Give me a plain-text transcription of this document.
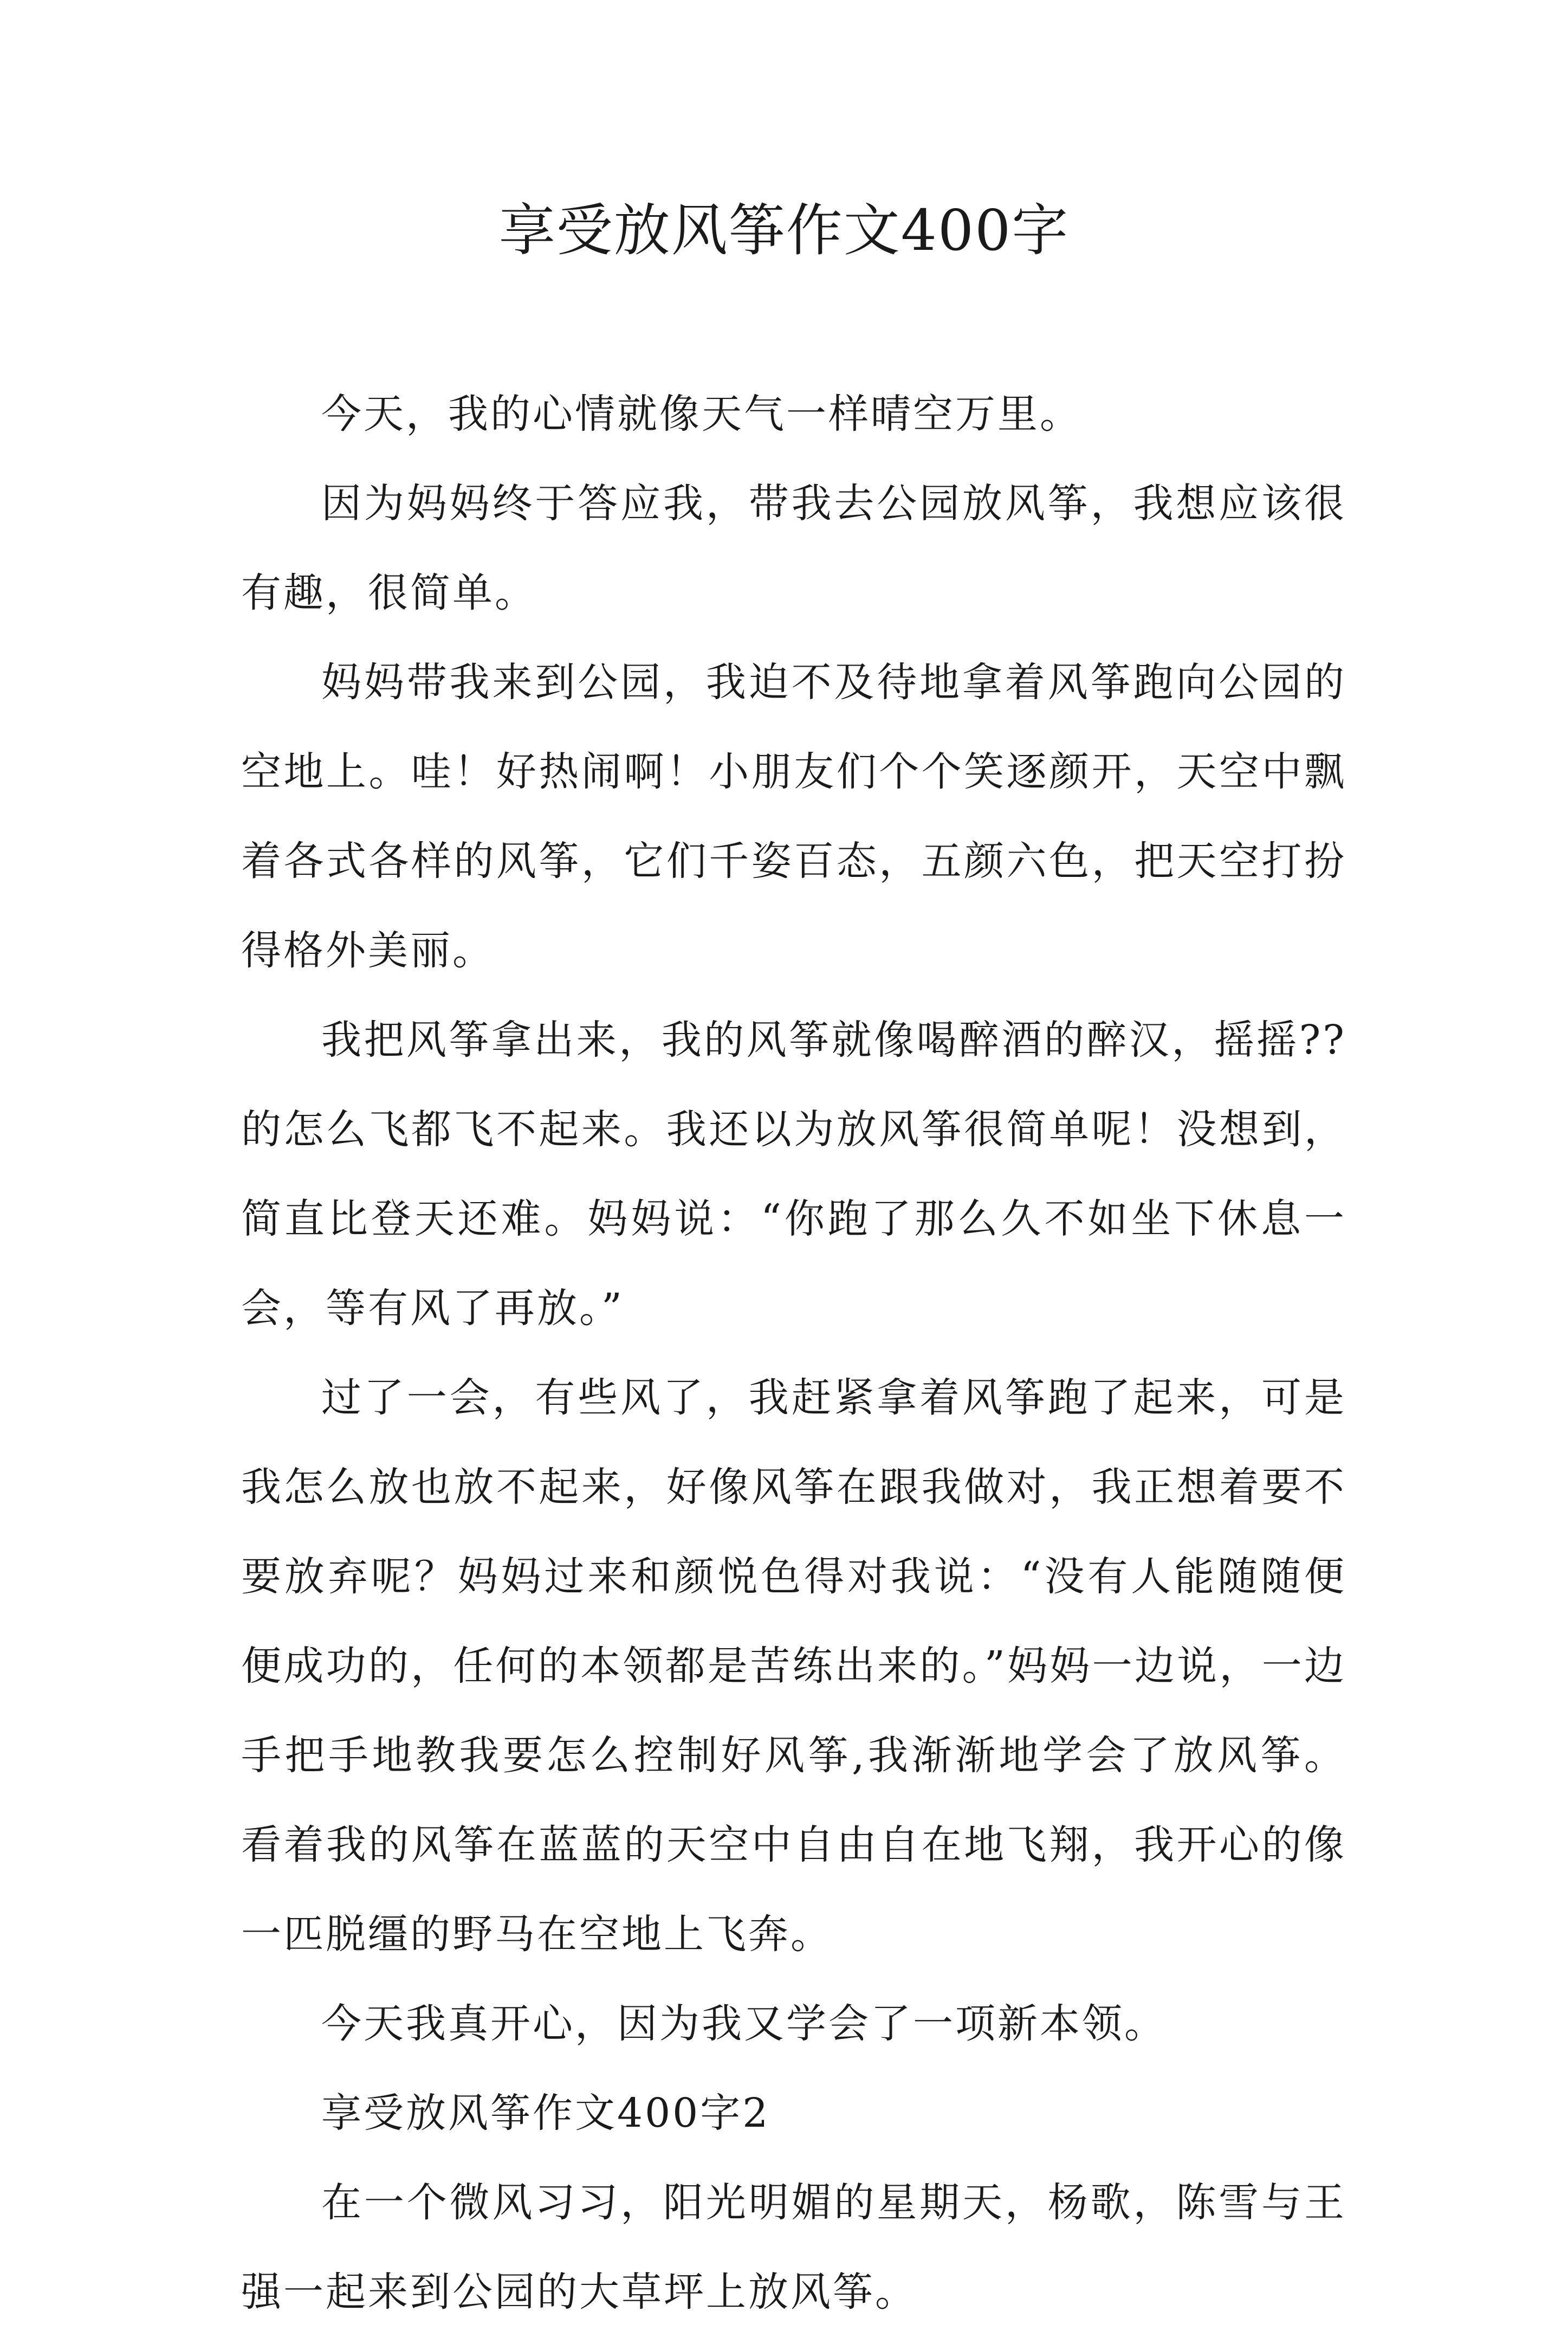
享受放风筝作文400字

今天，我的心情就像天气一样晴空万里。

因为妈妈终于答应我，带我去公园放风筝，我想应该很有趣，很简单。

妈妈带我来到公园，我迫不及待地拿着风筝跑向公园的空地上。哇！好热闹啊！小朋友们个个笑逐颜开，天空中飘着各式各样的风筝，它们千姿百态，五颜六色，把天空打扮得格外美丽。

我把风筝拿出来，我的风筝就像喝醉酒的醉汉，摇摇??的怎么飞都飞不起来。我还以为放风筝很简单呢！没想到，简直比登天还难。妈妈说：“你跑了那么久不如坐下休息一会，等有风了再放。”

过了一会，有些风了，我赶紧拿着风筝跑了起来，可是我怎么放也放不起来，好像风筝在跟我做对，我正想着要不要放弃呢？妈妈过来和颜悦色得对我说：“没有人能随随便便成功的，任何的本领都是苦练出来的。”妈妈一边说，一边手把手地教我要怎么控制好风筝,我渐渐地学会了放风筝。看着我的风筝在蓝蓝的天空中自由自在地飞翔，我开心的像一匹脱缰的野马在空地上飞奔。

今天我真开心，因为我又学会了一项新本领。

享受放风筝作文400字2

在一个微风习习，阳光明媚的星期天，杨歌，陈雪与王强一起来到公园的大草坪上放风筝。
